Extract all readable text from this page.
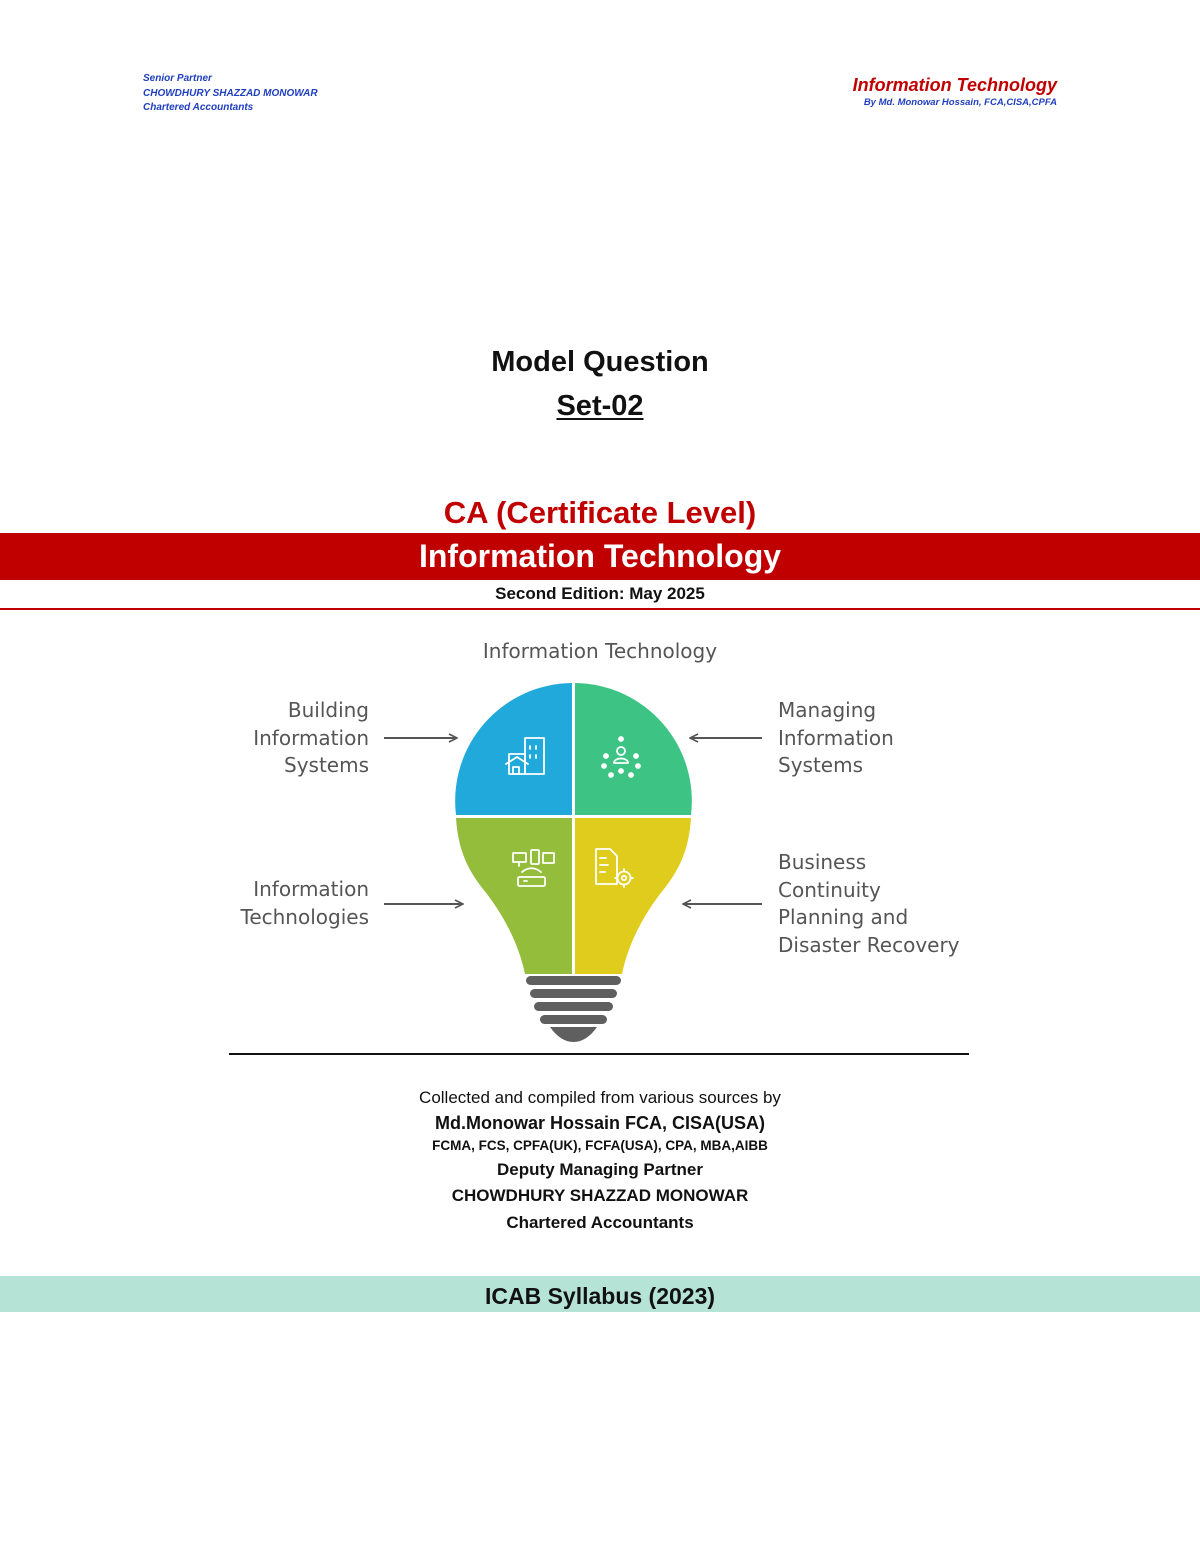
Senior Partner
CHOWDHURY SHAZZAD MONOWAR
Chartered Accountants
Information Technology
By Md. Monowar Hossain, FCA,CISA,CPFA
Model Question
Set-02
CA (Certificate Level)
Information Technology
Second Edition: May 2025
Information Technology
Building
Information
Systems
Information
Technologies
Managing
Information
Systems
Business
Continuity
Planning and
Disaster Recovery
Collected and compiled from various sources by
Md.Monowar Hossain FCA, CISA(USA)
FCMA, FCS, CPFA(UK), FCFA(USA), CPA, MBA,AIBB
Deputy Managing Partner
CHOWDHURY SHAZZAD MONOWAR
Chartered Accountants
ICAB Syllabus (2023)
